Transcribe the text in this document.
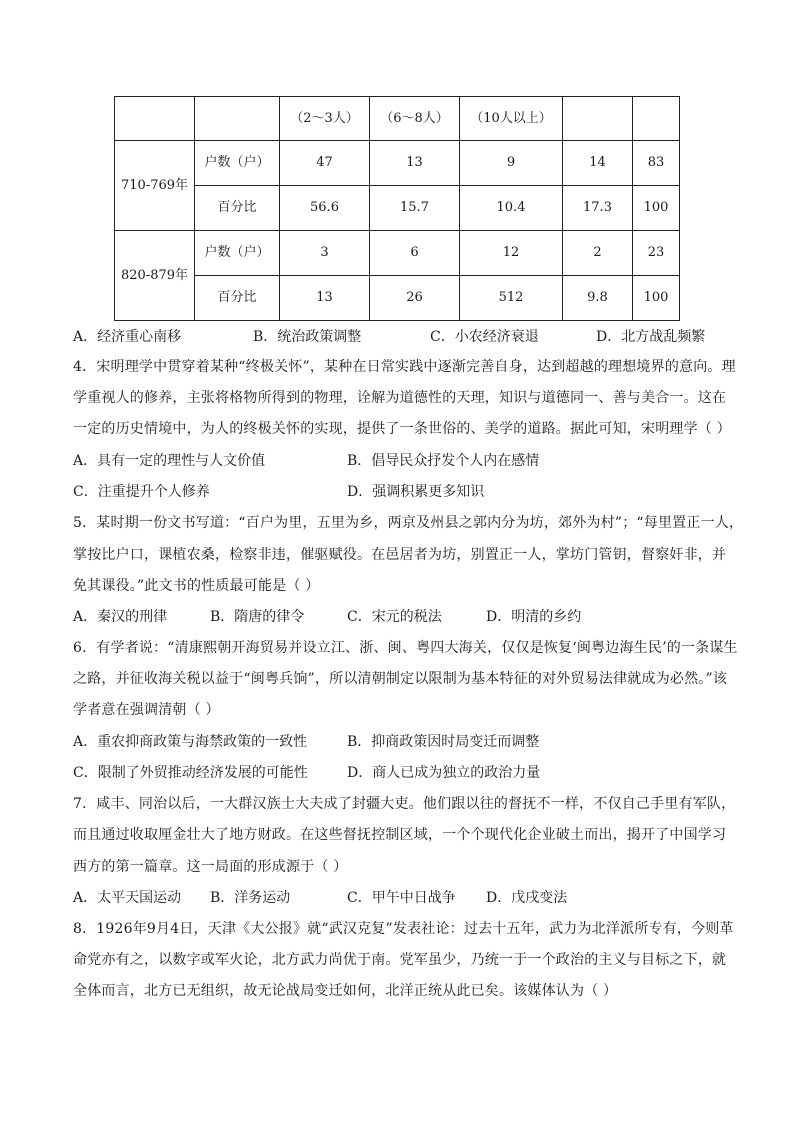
		（2～3人）	（6～8人）	（10人以上）		
710-769年	户数（户）	47	13	9	14	83
	百分比	56.6	15.7	10.4	17.3	100
820-879年	户数（户）	3	6	12	2	23
	百分比	13	26	512	9.8	100
A．经济重心南移	B．统治政策调整	C．小农经济衰退	D．北方战乱频繁
4．宋明理学中贯穿着某种“终极关怀”，某种在日常实践中逐渐完善自身，达到超越的理想境界的意向。理
学重视人的修养，主张将格物所得到的物理，诠解为道德性的天理，知识与道德同一、善与美合一。这在
一定的历史情境中，为人的终极关怀的实现，提供了一条世俗的、美学的道路。据此可知，宋明理学（ ）
A．具有一定的理性与人文价值	B．倡导民众抒发个人内在感情
C．注重提升个人修养	D．强调积累更多知识
5．某时期一份文书写道：“百户为里，五里为乡，两京及州县之郭内分为坊，郊外为村”；“每里置正一人，
掌按比户口，课植农桑，检察非违，催驱赋役。在邑居者为坊，别置正一人，掌坊门管钥，督察奸非，并
免其课役。”此文书的性质最可能是（ ）
A．秦汉的刑律	B．隋唐的律令	C．宋元的税法	D．明清的乡约
6．有学者说：“清康熙朝开海贸易并设立江、浙、闽、粤四大海关，仅仅是恢复‘闽粤边海生民’的一条谋生
之路，并征收海关税以益于“闽粤兵饷”，所以清朝制定以限制为基本特征的对外贸易法律就成为必然。”该
学者意在强调清朝（ ）
A．重农抑商政策与海禁政策的一致性	B．抑商政策因时局变迁而调整
C．限制了外贸推动经济发展的可能性	D．商人已成为独立的政治力量
7．咸丰、同治以后，一大群汉族士大夫成了封疆大吏。他们跟以往的督抚不一样，不仅自己手里有军队，
而且通过收取厘金壮大了地方财政。在这些督抚控制区域，一个个现代化企业破土而出，揭开了中国学习
西方的第一篇章。这一局面的形成源于（ ）
A．太平天国运动 B．洋务运动	C．甲午中日战争 D．戊戌变法
8．1926年9月4日，天津《大公报》就“武汉克复”发表社论：过去十五年，武力为北洋派所专有，今则革
命党亦有之，以数字或军火论，北方武力尚优于南。党军虽少，乃统一于一个政治的主义与目标之下，就
全体而言，北方已无组织，故无论战局变迁如何，北洋正统从此已矣。该媒体认为（ ）
